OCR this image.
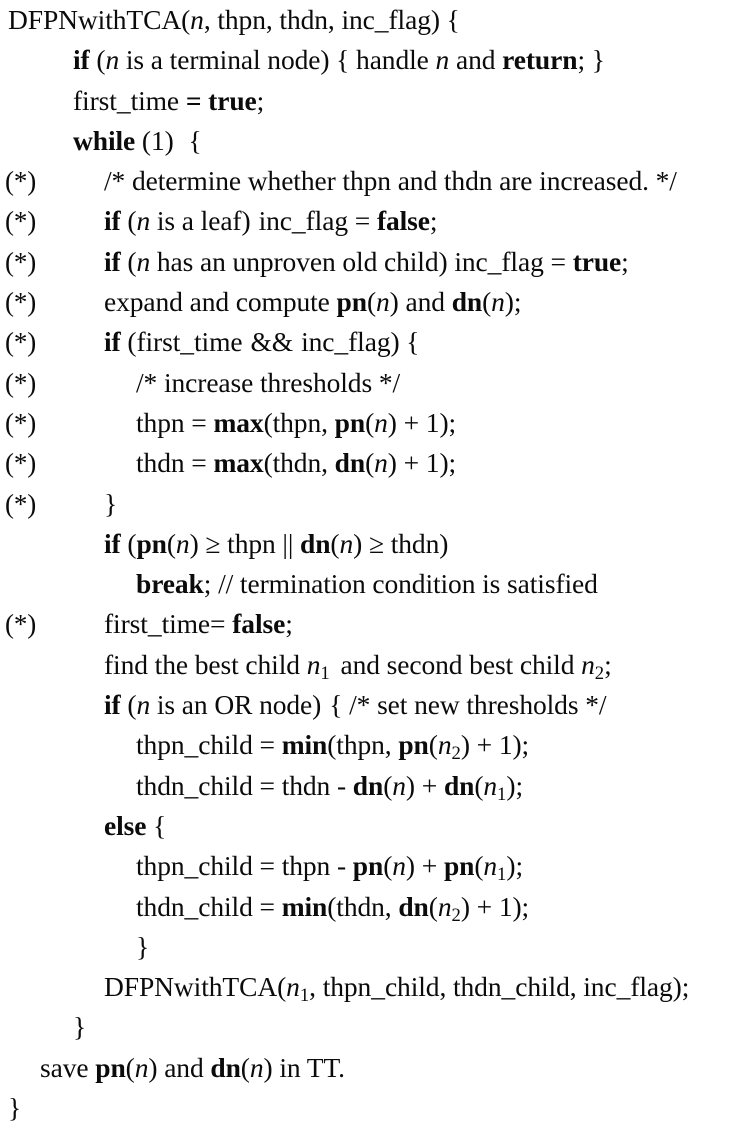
DFPNwithTCA(n, thpn, thdn, inc_flag) {
if (n is a terminal node) { handle n and return; }
first_time = true;
while (1) {
(*)	/* determine whether thpn and thdn are increased. */
(*)	if (n is a leaf) inc_flag = false;
(*)	if (n has an unproven old child) inc_flag = true;
(*)	expand and compute pn(n) and dn(n);
(*)	if (first_time && inc_flag) {
(*)	/* increase thresholds */
(*)	thpn = max(thpn, pn(n) + 1);
(*)	thdn = max(thdn, dn(n) + 1);
(*)	}
if (pn(n) ≥ thpn || dn(n) ≥ thdn)
break; // termination condition is satisfied
(*)	first_time= false;
find the best child n1 and second best child n2;
if (n is an OR node) { /* set new thresholds */
thpn_child = min(thpn, pn(n2) + 1);
thdn_child = thdn - dn(n) + dn(n1);
else {
thpn_child = thpn - pn(n) + pn(n1);
thdn_child = min(thdn, dn(n2) + 1);
}
DFPNwithTCA(n1, thpn_child, thdn_child, inc_flag);
}
save pn(n) and dn(n) in TT.
}
